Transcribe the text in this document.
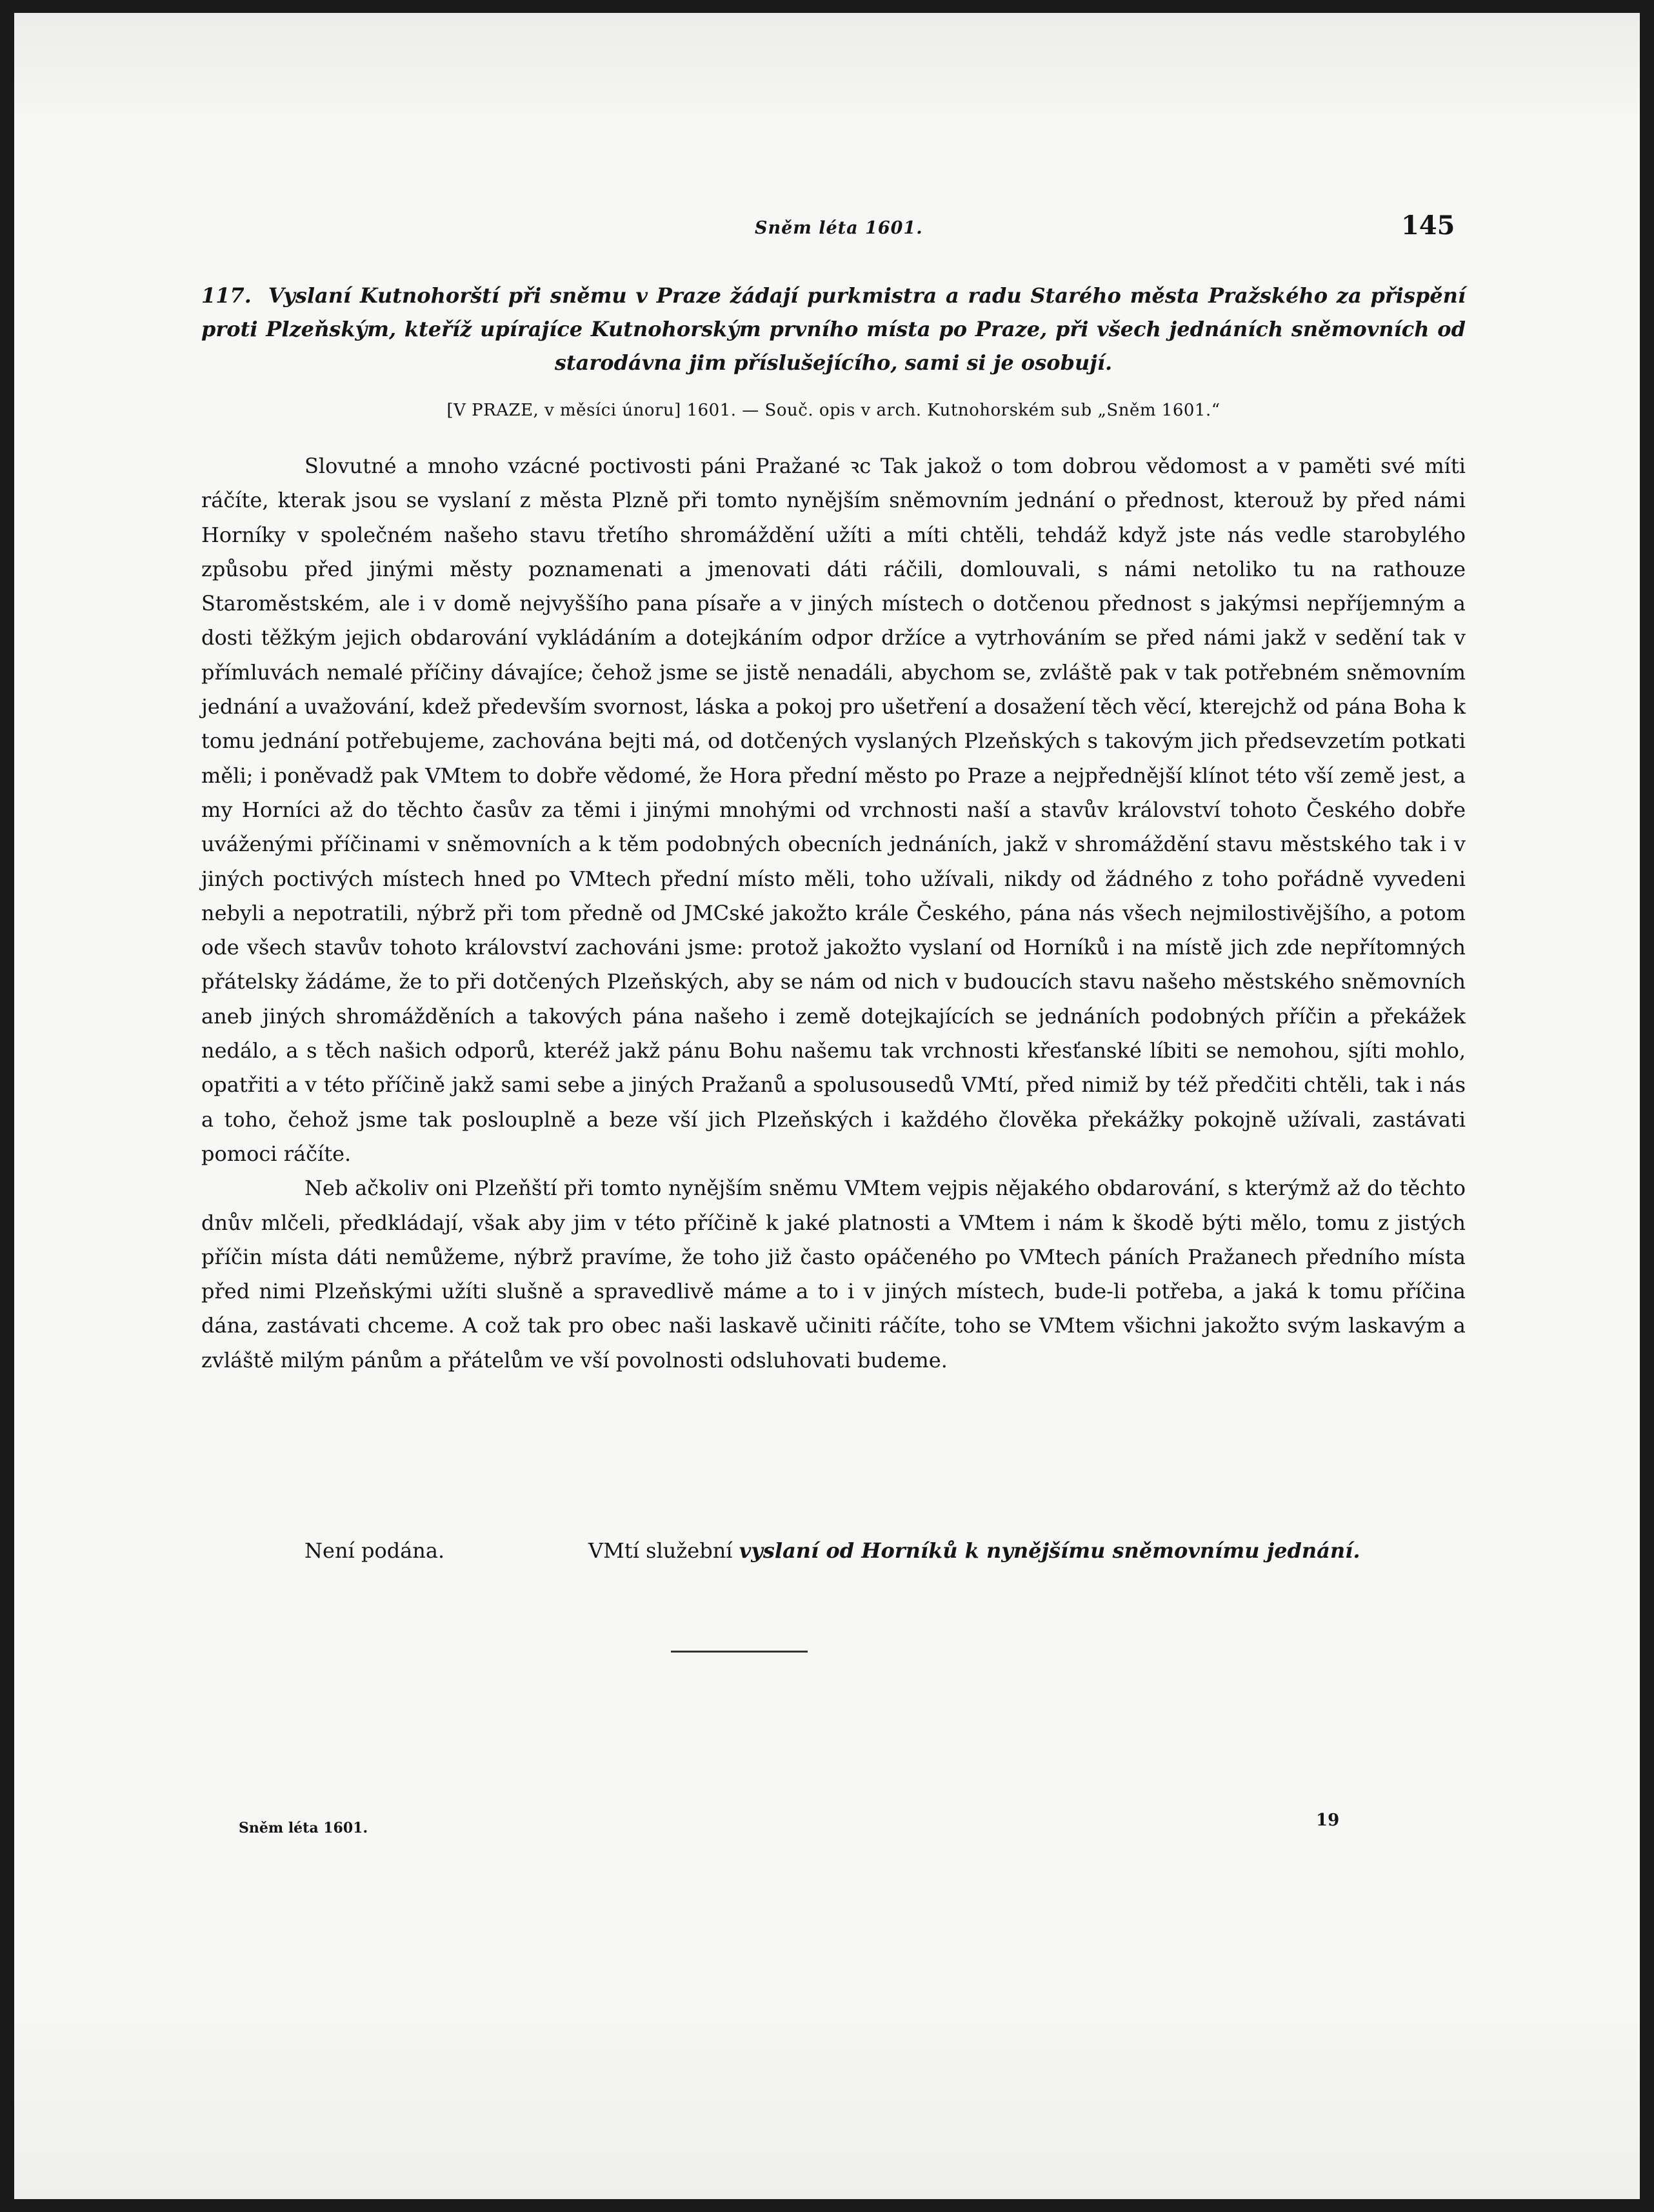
Sněm léta 1601.	145
117. Vyslaní Kutnohorští při sněmu v Praze žádají purkmistra a radu Starého města Pražského za přispění proti Plzeňským, kteříž upírajíce Kutnohorským prvního místa po Praze, při všech jednáních sněmovních od starodávna jim příslušejícího, sami si je osobují.
[V PRAZE, v měsíci únoru] 1601. — Souč. opis v arch. Kutnohorském sub „Sněm 1601.“

Slovutné a mnoho vzácné poctivosti páni Pražané ꝛc Tak jakož o tom dobrou vědomost a v paměti své míti ráčíte, kterak jsou se vyslaní z města Plzně při tomto nynějším sněmovním jednání o přednost, kterouž by před námi Horníky v společném našeho stavu třetího shromáždění užíti a míti chtěli, tehdáž když jste nás vedle starobylého způsobu před jinými městy poznamenati a jmenovati dáti ráčili, domlouvali, s námi netoliko tu na rathouze Staroměstském, ale i v domě nejvyššího pana písaře a v jiných místech o dotčenou přednost s jakýmsi nepříjemným a dosti těžkým jejich obdarování vykládáním a dotejkáním odpor držíce a vytrhováním se před námi jakž v sedění tak v přímluvách nemalé příčiny dávajíce; čehož jsme se jistě nenadáli, abychom se, zvláště pak v tak potřebném sněmovním jednání a uvažování, kdež především svornost, láska a pokoj pro ušetření a dosažení těch věcí, kterejchž od pána Boha k tomu jednání potřebujeme, zachována bejti má, od dotčených vyslaných Plzeňských s takovým jich předsevzetím potkati měli; i poněvadž pak VMtem to dobře vědomé, že Hora přední město po Praze a nejpřednější klínot této vší země jest, a my Horníci až do těchto časův za těmi i jinými mnohými od vrchnosti naší a stavův království tohoto Českého dobře uváženými příčinami v sněmovních a k těm podobných obecních jednáních, jakž v shromáždění stavu městského tak i v jiných poctivých místech hned po VMtech přední místo měli, toho užívali, nikdy od žádného z toho pořádně vyvedeni nebyli a nepotratili, nýbrž při tom předně od JMCské jakožto krále Českého, pána nás všech nejmilostivějšího, a potom ode všech stavův tohoto království zachováni jsme: protož jakožto vyslaní od Horníků i na místě jich zde nepřítomných přátelsky žádáme, že to při dotčených Plzeňských, aby se nám od nich v budoucích stavu našeho městského sněmovních aneb jiných shromážděních a takových pána našeho i země dotejkajících se jednáních podobných příčin a překážek nedálo, a s těch našich odporů, kteréž jakž pánu Bohu našemu tak vrchnosti křesťanské líbiti se nemohou, sjíti mohlo, opatřiti a v této příčině jakž sami sebe a jiných Pražanů a spolusousedů VMtí, před nimiž by též předčiti chtěli, tak i nás a toho, čehož jsme tak poslouplně a beze vší jich Plzeňských i každého člověka překážky pokojně užívali, zastávati pomoci ráčíte.

Neb ačkoliv oni Plzeňští při tomto nynějším sněmu VMtem vejpis nějakého obdarování, s kterýmž až do těchto dnův mlčeli, předkládají, však aby jim v této příčině k jaké platnosti a VMtem i nám k škodě býti mělo, tomu z jistých příčin místa dáti nemůžeme, nýbrž pravíme, že toho již často opáčeného po VMtech páních Pražanech předního místa před nimi Plzeňskými užíti slušně a spravedlivě máme a to i v jiných místech, bude-li potřeba, a jaká k tomu příčina dána, zastávati chceme. A což tak pro obec naši laskavě učiniti ráčíte, toho se VMtem všichni jakožto svým laskavým a zvláště milým pánům a přátelům ve vší povolnosti odsluhovati budeme.

Není podána.	VMtí služební vyslaní od Horníků k nynějšímu sněmovnímu jednání.
Sněm léta 1601.	19
